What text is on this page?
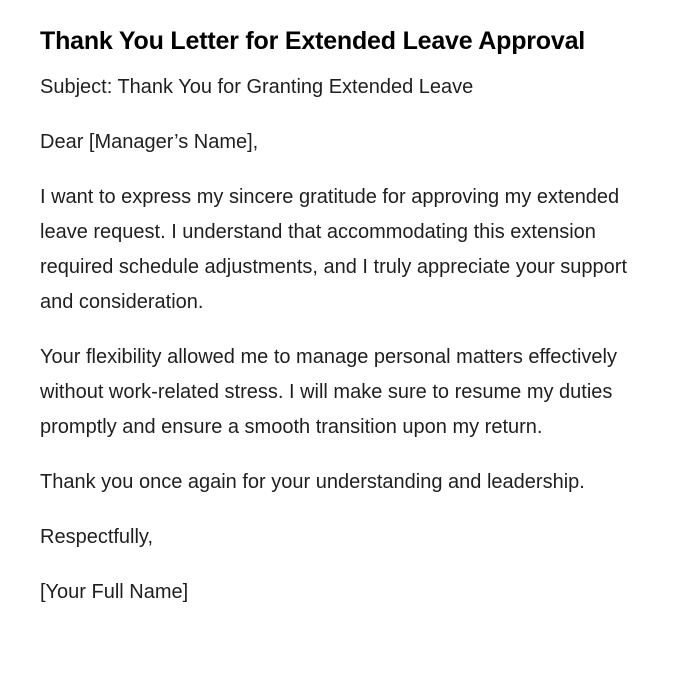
Thank You Letter for Extended Leave Approval

Subject: Thank You for Granting Extended Leave

Dear [Manager’s Name],

I want to express my sincere gratitude for approving my extended leave request. I understand that accommodating this extension required schedule adjustments, and I truly appreciate your support and consideration.

Your flexibility allowed me to manage personal matters effectively without work-related stress. I will make sure to resume my duties promptly and ensure a smooth transition upon my return.

Thank you once again for your understanding and leadership.

Respectfully,

[Your Full Name]
